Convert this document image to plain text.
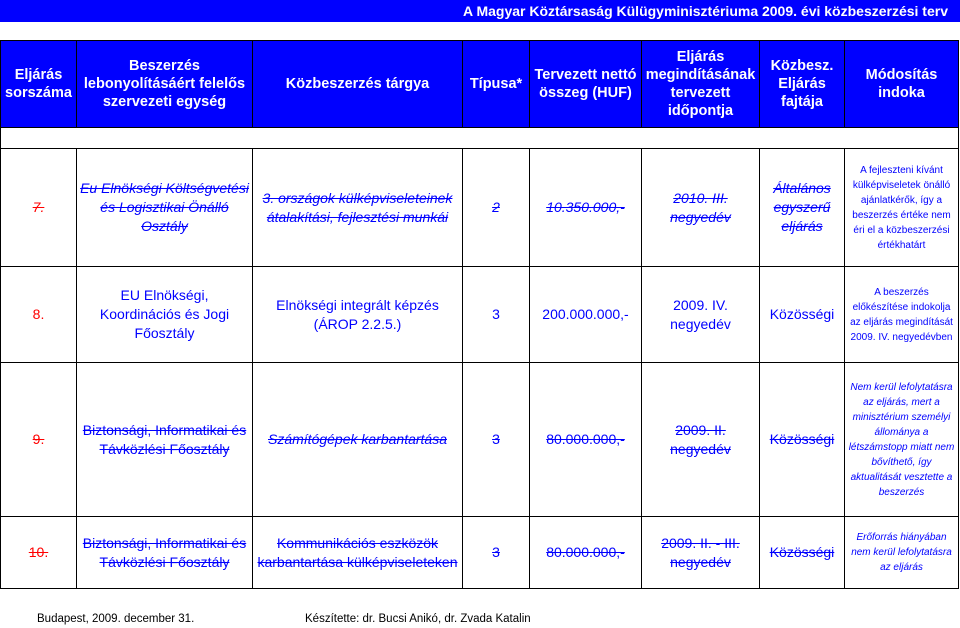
A Magyar Köztársaság Külügyminisztériuma 2009. évi közbeszerzési terv
Eljárás sorszáma	Beszerzés lebonyolításáért felelős szervezeti egység	Közbeszerzés tárgya	Típusa*	Tervezett nettó összeg (HUF)	Eljárás megindításának tervezett időpontja	Közbesz. Eljárás fajtája	Módosítás indoka

7.	Eu Elnökségi Költségvetési és Logisztikai Önálló Osztály	3. országok külképviseleteinek átalakítási, fejlesztési munkái	2	10.350.000,-	2010. III. negyedév	Általános egyszerű eljárás	A fejleszteni kívánt külképviseletek önálló ajánlatkérők, így a beszerzés értéke nem éri el a közbeszerzési értékhatárt
8.	EU Elnökségi, Koordinációs és Jogi Főosztály	Elnökségi integrált képzés (ÁROP 2.2.5.)	3	200.000.000,-	2009. IV. negyedév	Közösségi	A beszerzés előkészítése indokolja az eljárás megindítását 2009. IV. negyedévben
9.	Biztonsági, Informatikai és Távközlési Főosztály	Számítógépek karbantartása	3	80.000.000,-	2009. II. negyedév	Közösségi	Nem kerül lefolytatásra az eljárás, mert a minisztérium személyi állománya a létszámstopp miatt nem bővíthető, így aktualitását vesztette a beszerzés
10.	Biztonsági, Informatikai és Távközlési Főosztály	Kommunikációs eszközök karbantartása külképviseleteken	3	80.000.000,-	2009. II. - III. negyedév	Közösségi	Erőforrás hiányában nem kerül lefolytatásra az eljárás
Budapest, 2009. december 31.	Készítette: dr. Bucsi Anikó, dr. Zvada Katalin
